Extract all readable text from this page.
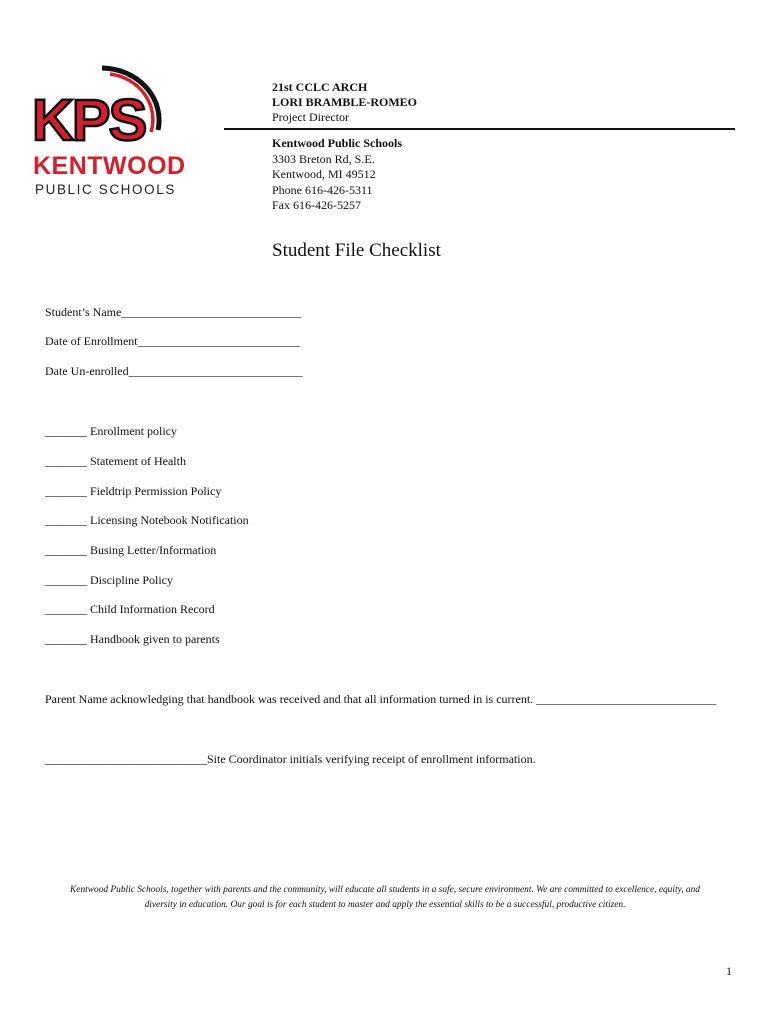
KPS
KENTWOOD
PUBLIC SCHOOLS
21st CCLC ARCH
LORI BRAMBLE-ROMEO
Project Director
Kentwood Public Schools
3303 Breton Rd, S.E.
Kentwood, MI 49512
Phone 616-426-5311
Fax 616-426-5257
Student File Checklist
Student’s Name______________________________
Date of Enrollment___________________________
Date Un-enrolled_____________________________
_______ Enrollment policy
_______ Statement of Health
_______ Fieldtrip Permission Policy
_______ Licensing Notebook Notification
_______ Busing Letter/Information
_______ Discipline Policy
_______ Child Information Record
_______ Handbook given to parents
Parent Name acknowledging that handbook was received and that all information turned in is current. ______________________________
___________________________Site Coordinator initials verifying receipt of enrollment information.
Kentwood Public Schools, together with parents and the community, will educate all students in a safe, secure environment. We are committed to excellence, equity, and
diversity in education. Our goal is for each student to master and apply the essential skills to be a successful, productive citizen.
1
